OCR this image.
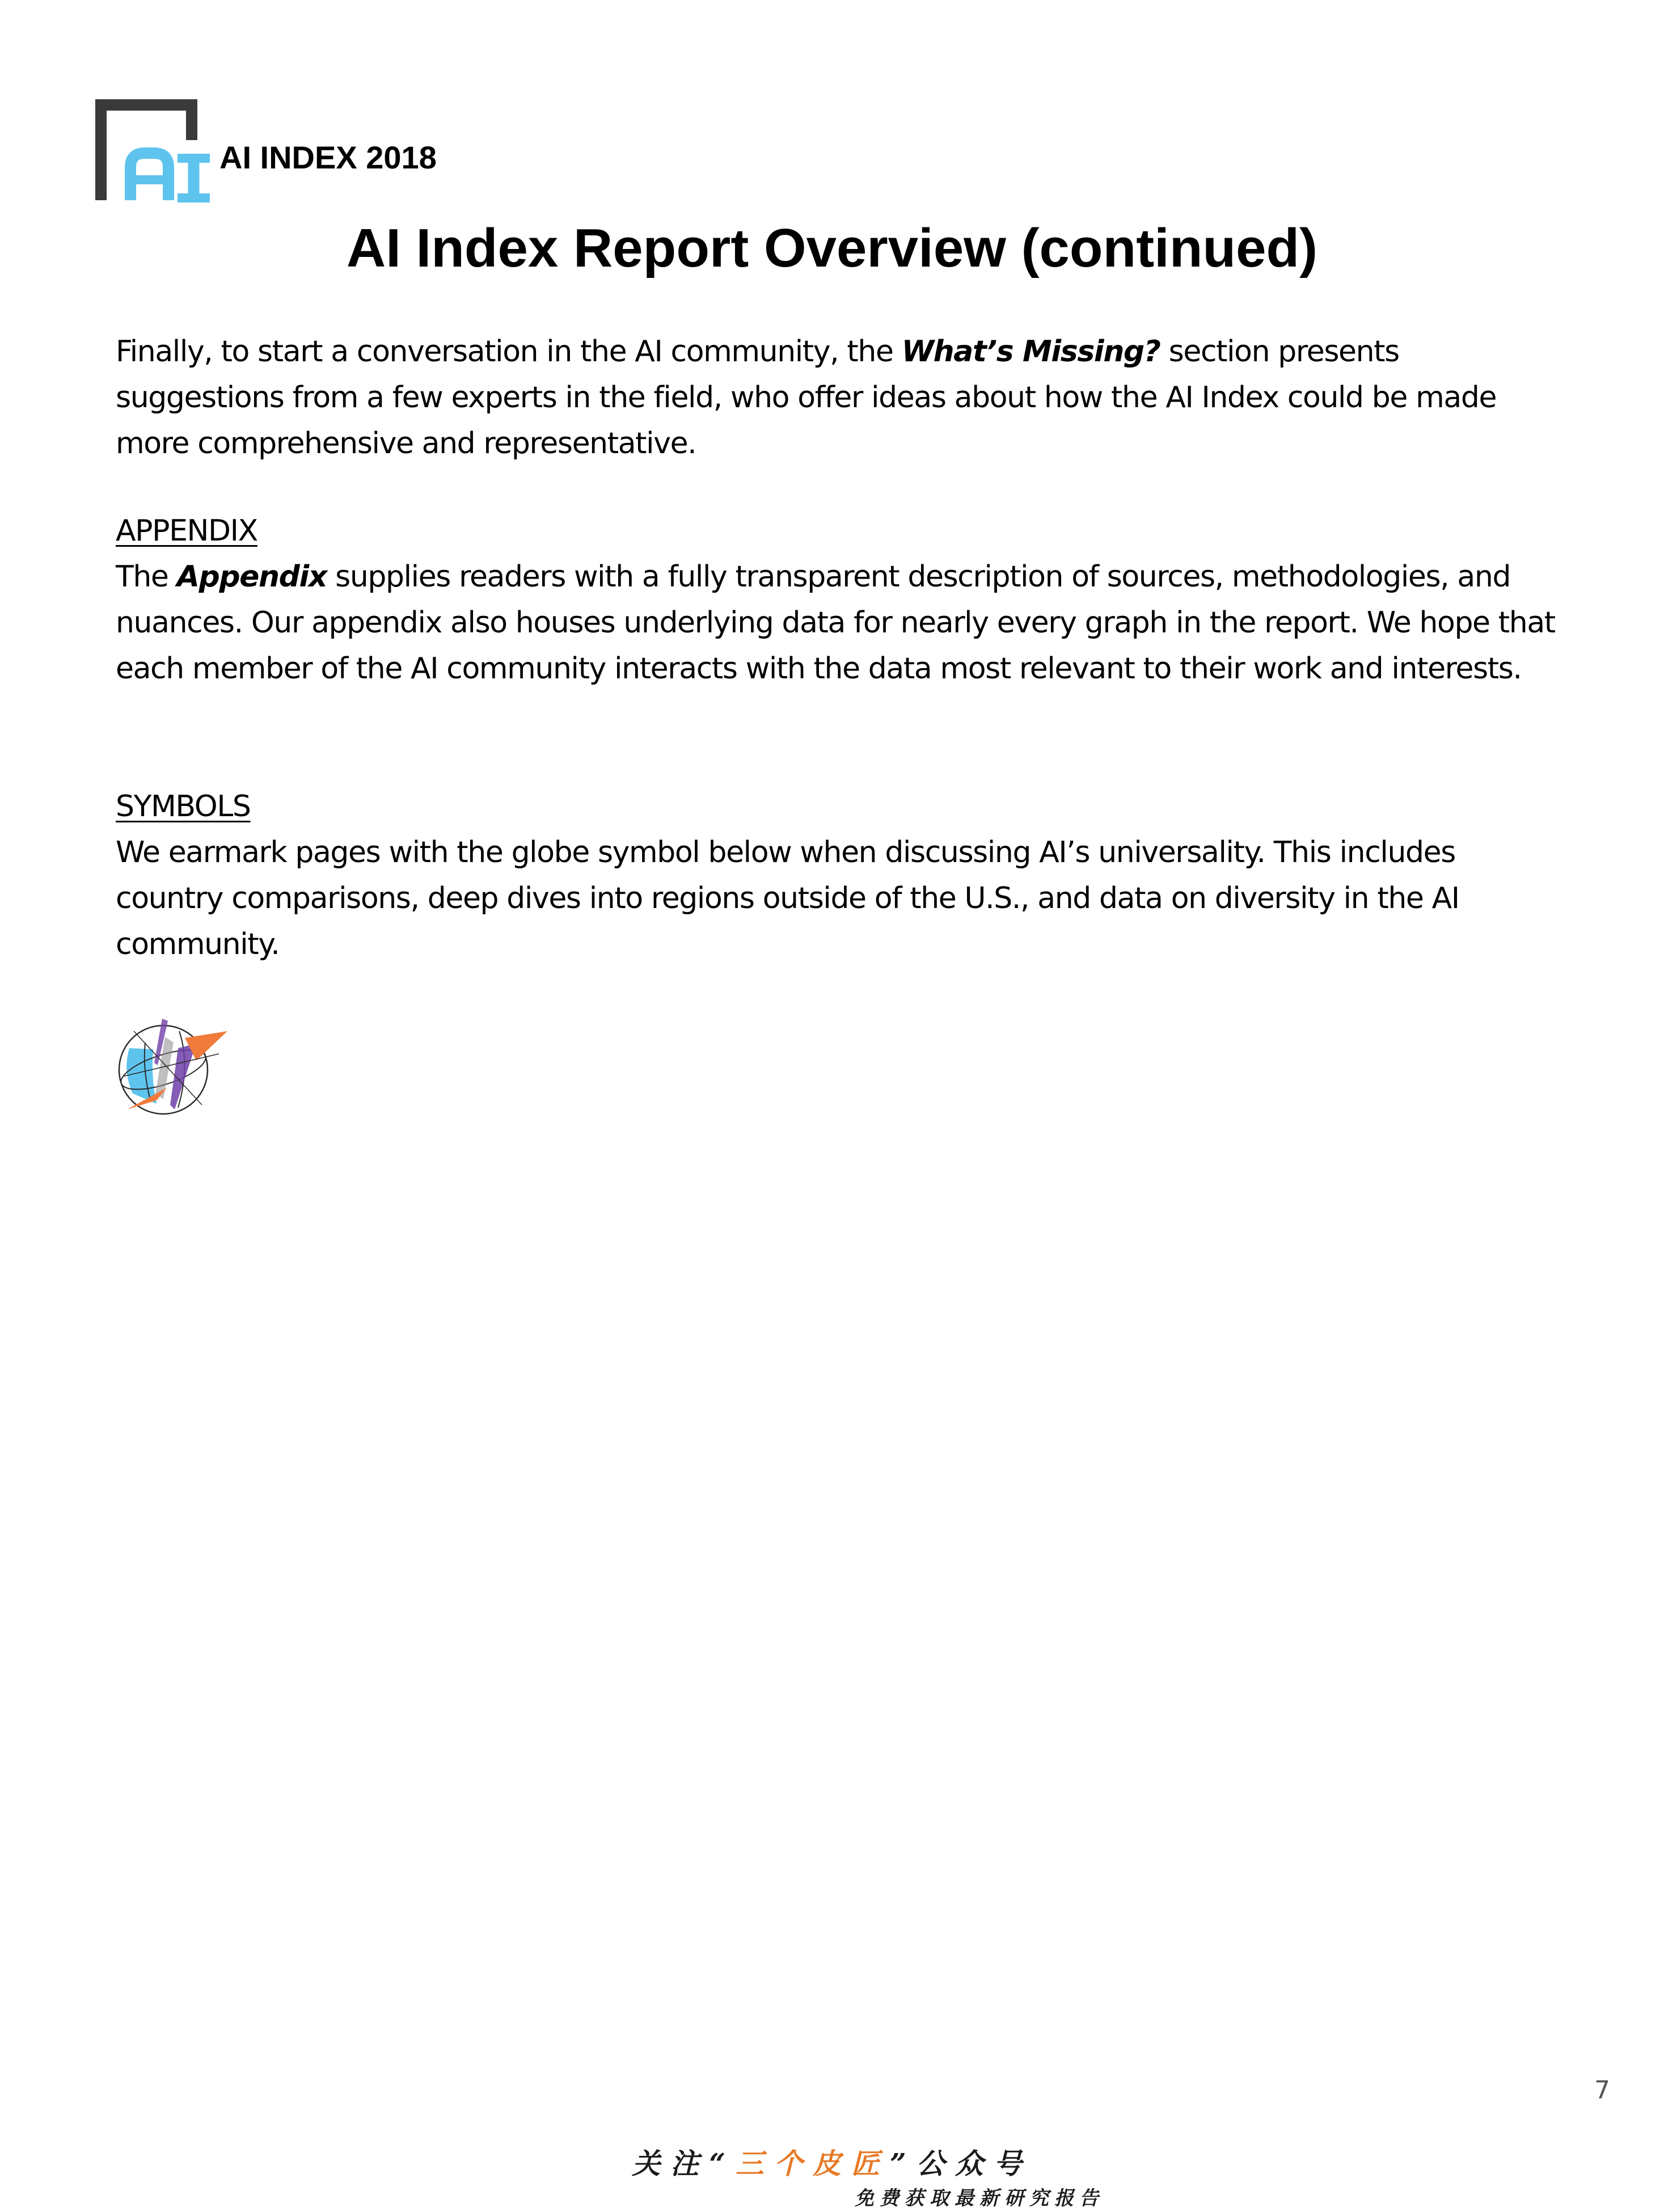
AI INDEX 2018
AI Index Report Overview (continued)

Finally, to start a conversation in the AI community, the What’s Missing? section presents suggestions from a few experts in the field, who offer ideas about how the AI Index could be made more comprehensive and representative.

APPENDIX
The Appendix supplies readers with a fully transparent description of sources, methodologies, and nuances. Our appendix also houses underlying data for nearly every graph in the report. We hope that each member of the AI community interacts with the data most relevant to their work and interests.
SYMBOLS
We earmark pages with the globe symbol below when discussing AI’s universality. This includes country comparisons, deep dives into regions outside of the U.S., and data on diversity in the AI community.
7
关注“三个皮匠”公众号
免费获取最新研究报告
